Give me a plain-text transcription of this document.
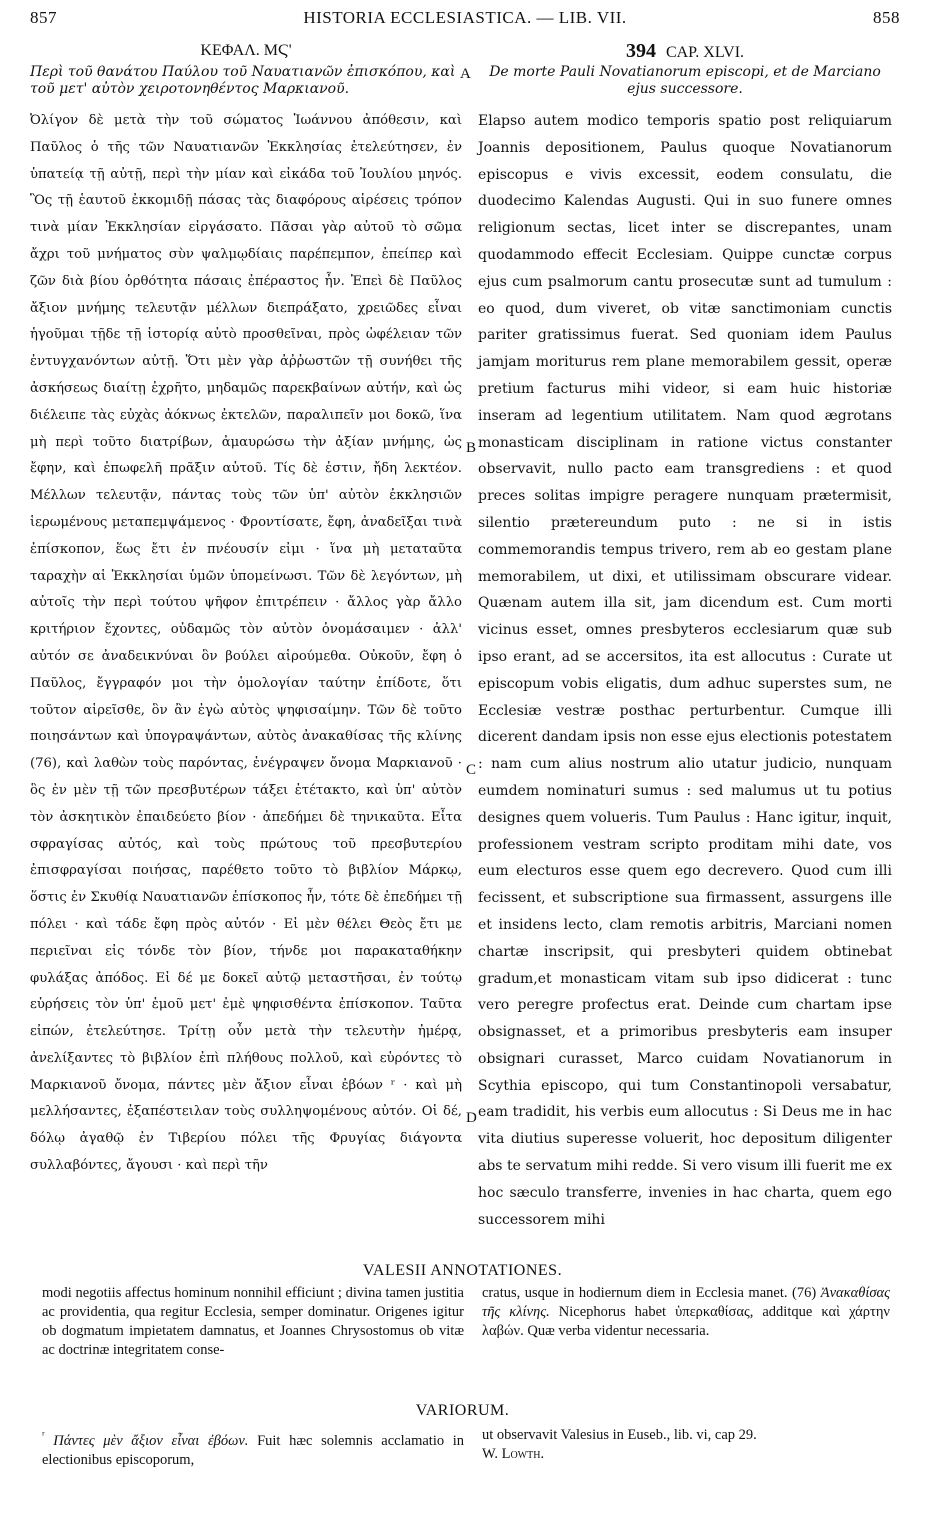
857	HISTORIA ECCLESIASTICA. — LIB. VII.	858
ΚΕΦΑΛ. ΜϚ'
Περὶ τοῦ θανάτου Παύλου τοῦ Ναυατιανῶν ἐπισκόπου, καὶ τοῦ μετ' αὐτὸν χειροτονηθέντος Μαρκιανοῦ.
Ὀλίγον δὲ μετὰ τὴν τοῦ σώματος Ἰωάννου ἀπόθεσιν, καὶ Παῦλος ὁ τῆς τῶν Ναυατιανῶν Ἐκκλησίας ἐτελεύτησεν, ἐν ὑπατείᾳ τῇ αὐτῇ, περὶ τὴν μίαν καὶ εἰκάδα τοῦ Ἰουλίου μηνός. Ὃς τῇ ἑαυτοῦ ἐκκομιδῇ πάσας τὰς διαφόρους αἱρέσεις τρόπον τινὰ μίαν Ἐκκλησίαν εἰργάσατο. Πᾶσαι γὰρ αὐτοῦ τὸ σῶμα ἄχρι τοῦ μνήματος σὺν ψαλμῳδίαις παρέπεμπον, ἐπείπερ καὶ ζῶν διὰ βίου ὀρθότητα πάσαις ἐπέραστος ἦν. Ἐπεὶ δὲ Παῦλος ἄξιον μνήμης τελευτᾷν μέλλων διεπράξατο, χρειῶδες εἶναι ἡγοῦμαι τῇδε τῇ ἱστορίᾳ αὐτὸ προσθεῖναι, πρὸς ὠφέλειαν τῶν ἐντυγχανόντων αὐτῇ. Ὅτι μὲν γὰρ ἀῤῥωστῶν τῇ συνήθει τῆς ἀσκήσεως διαίτῃ ἐχρῆτο, μηδαμῶς παρεκβαίνων αὐτήν, καὶ ὡς διέλειπε τὰς εὐχὰς ἀόκνως ἐκτελῶν, παραλιπεῖν μοι δοκῶ, ἵνα μὴ περὶ τοῦτο διατρίβων, ἀμαυρώσω τὴν ἀξίαν μνήμης, ὡς ἔφην, καὶ ἐπωφελῆ πρᾶξιν αὐτοῦ. Τίς δὲ ἐστιν, ἤδη λεκτέον. Μέλλων τελευτᾷν, πάντας τοὺς τῶν ὑπ' αὐτὸν ἐκκλησιῶν ἱερωμένους μεταπεμψάμενος · Φροντίσατε, ἔφη, ἀναδεῖξαι τινὰ ἐπίσκοπον, ἕως ἔτι ἐν πνέουσίν εἰμι · ἵνα μὴ μεταταῦτα ταραχὴν αἱ Ἐκκλησίαι ὑμῶν ὑπομείνωσι. Τῶν δὲ λεγόντων, μὴ αὐτοῖς τὴν περὶ τούτου ψῆφον ἐπιτρέπειν · ἄλλος γὰρ ἄλλο κριτήριον ἔχοντες, οὐδαμῶς τὸν αὐτὸν ὀνομάσαιμεν · ἀλλ' αὐτόν σε ἀναδεικνύναι ὃν βούλει αἱρούμεθα. Οὐκοῦν, ἔφη ὁ Παῦλος, ἔγγραφόν μοι τὴν ὁμολογίαν ταύτην ἐπίδοτε, ὅτι τοῦτον αἱρεῖσθε, ὃν ἂν ἐγὼ αὐτὸς ψηφισαίμην. Τῶν δὲ τοῦτο ποιησάντων καὶ ὑπογραψάντων, αὐτὸς ἀνακαθίσας τῆς κλίνης (76), καὶ λαθὼν τοὺς παρόντας, ἐνέγραψεν ὄνομα Μαρκιανοῦ · ὃς ἐν μὲν τῇ τῶν πρεσβυτέρων τάξει ἐτέτακτο, καὶ ὑπ' αὐτὸν τὸν ἀσκητικὸν ἐπαιδεύετο βίον · ἀπεδήμει δὲ τηνικαῦτα. Εἶτα σφραγίσας αὐτός, καὶ τοὺς πρώτους τοῦ πρεσβυτερίου ἐπισφραγίσαι ποιήσας, παρέθετο τοῦτο τὸ βιβλίον Μάρκῳ, ὅστις ἐν Σκυθίᾳ Ναυατιανῶν ἐπίσκοπος ἦν, τότε δὲ ἐπεδήμει τῇ πόλει · καὶ τάδε ἔφη πρὸς αὐτόν · Εἰ μὲν θέλει Θεὸς ἔτι με περιεῖναι εἰς τόνδε τὸν βίον, τήνδε μοι παρακαταθήκην φυλάξας ἀπόδος. Εἰ δέ με δοκεῖ αὐτῷ μεταστῆσαι, ἐν τούτῳ εὑρήσεις τὸν ὑπ' ἐμοῦ μετ' ἐμὲ ψηφισθέντα ἐπίσκοπον. Ταῦτα εἰπών, ἐτελεύτησε. Τρίτῃ οὖν μετὰ τὴν τελευτὴν ἡμέρᾳ, ἀνελίξαντες τὸ βιβλίον ἐπὶ πλήθους πολλοῦ, καὶ εὑρόντες τὸ Μαρκιανοῦ ὄνομα, πάντες μὲν ἄξιον εἶναι ἐβόων ʳ · καὶ μὴ μελλήσαντες, ἐξαπέστειλαν τοὺς συλληψομένους αὐτόν. Οἱ δέ, δόλῳ ἀγαθῷ ἐν Τιβερίου πόλει τῆς Φρυγίας διάγοντα συλλαβόντες, ἄγουσι · καὶ περὶ τῆν
394 CAP. XLVI.
De morte Pauli Novatianorum episcopi, et de Marciano ejus successore.
Elapso autem modico temporis spatio post reliquiarum Joannis depositionem, Paulus quoque Novatianorum episcopus e vivis excessit, eodem consulatu, die duodecimo Kalendas Augusti. Qui in suo funere omnes religionum sectas, licet inter se discrepantes, unam quodammodo effecit Ecclesiam. Quippe cunctæ corpus ejus cum psalmorum cantu prosecutæ sunt ad tumulum : eo quod, dum viveret, ob vitæ sanctimoniam cunctis pariter gratissimus fuerat. Sed quoniam idem Paulus jamjam moriturus rem plane memorabilem gessit, operæ pretium facturus mihi videor, si eam huic historiæ inseram ad legentium utilitatem. Nam quod ægrotans monasticam disciplinam in ratione victus constanter observavit, nullo pacto eam transgrediens : et quod preces solitas impigre peragere nunquam prætermisit, silentio prætereundum puto : ne si in istis commemorandis tempus trivero, rem ab eo gestam plane memorabilem, ut dixi, et utilissimam obscurare videar. Quænam autem illa sit, jam dicendum est. Cum morti vicinus esset, omnes presbyteros ecclesiarum quæ sub ipso erant, ad se accersitos, ita est allocutus : Curate ut episcopum vobis eligatis, dum adhuc superstes sum, ne Ecclesiæ vestræ posthac perturbentur. Cumque illi dicerent dandam ipsis non esse ejus electionis potestatem : nam cum alius nostrum alio utatur judicio, nunquam eumdem nominaturi sumus : sed malumus ut tu potius designes quem volueris. Tum Paulus : Hanc igitur, inquit, professionem vestram scripto proditam mihi date, vos eum electuros esse quem ego decrevero. Quod cum illi fecissent, et subscriptione sua firmassent, assurgens ille et insidens lecto, clam remotis arbitris, Marciani nomen chartæ inscripsit, qui presbyteri quidem obtinebat gradum,et monasticam vitam sub ipso didicerat : tunc vero peregre profectus erat. Deinde cum chartam ipse obsignasset, et a primoribus presbyteris eam insuper obsignari curasset, Marco cuidam Novatianorum in Scythia episcopo, qui tum Constantinopoli versabatur, eam tradidit, his verbis eum allocutus : Si Deus me in hac vita diutius superesse voluerit, hoc depositum diligenter abs te servatum mihi redde. Si vero visum illi fuerit me ex hoc sæculo transferre, invenies in hac charta, quem ego successorem mihi
A
B
C
D
VALESII ANNOTATIONES.
modi negotiis affectus hominum nonnihil efficiunt ; divina tamen justitia ac providentia, qua regitur Ecclesia, semper dominatur. Origenes igitur ob dogmatum impietatem damnatus, et Joannes Chrysostomus ob vitæ ac doctrinæ integritatem conse-
cratus, usque in hodiernum diem in Ecclesia manet. (76) Ἀνακαθίσας τῆς κλίνης. Nicephorus habet ὑπερκαθίσας, additque καὶ χάρτην λαβών. Quæ verba videntur necessaria.
VARIORUM.
$^ʳ$ Πάντες μὲν ἄξιον εἶναι ἐβόων. Fuit hæc solemnis acclamatio in electionibus episcoporum,
ut observavit Valesius in Euseb., lib. vi, cap 29.
W. Lowth.
